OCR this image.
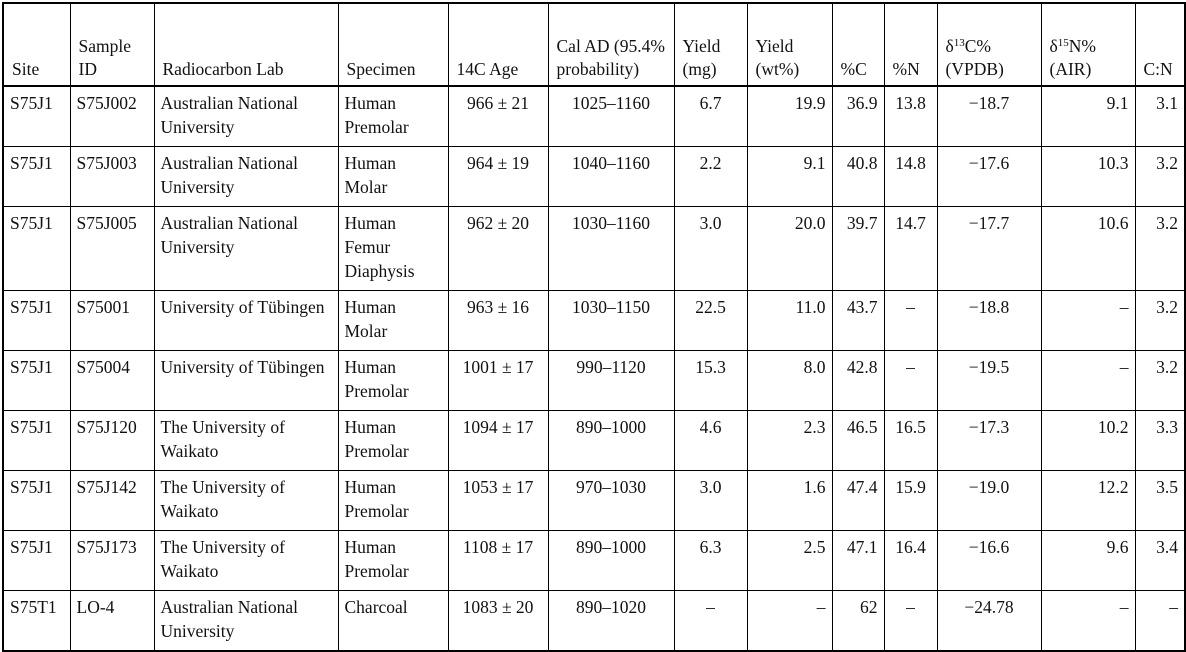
Site	Sample ID	Radiocarbon Lab	Specimen	14C Age	Cal AD (95.4% probability)	Yield (mg)	Yield (wt%)	%C	%N	$\delta^{13}C\%$ (VPDB)	$\delta^{15}N\%$ (AIR)	C:N
S75J1	S75J002	Australian National University	Human Premolar	966 ± 21	1025–1160	6.7	19.9	36.9	13.8	−18.7	9.1	3.1
S75J1	S75J003	Australian National University	Human Molar	964 ± 19	1040–1160	2.2	9.1	40.8	14.8	−17.6	10.3	3.2
S75J1	S75J005	Australian National University	Human Femur Diaphysis	962 ± 20	1030–1160	3.0	20.0	39.7	14.7	−17.7	10.6	3.2
S75J1	S75001	University of Tübingen	Human Molar	963 ± 16	1030–1150	22.5	11.0	43.7	–	−18.8	–	3.2
S75J1	S75004	University of Tübingen	Human Premolar	1001 ± 17	990–1120	15.3	8.0	42.8	–	−19.5	–	3.2
S75J1	S75J120	The University of Waikato	Human Premolar	1094 ± 17	890–1000	4.6	2.3	46.5	16.5	−17.3	10.2	3.3
S75J1	S75J142	The University of Waikato	Human Premolar	1053 ± 17	970–1030	3.0	1.6	47.4	15.9	−19.0	12.2	3.5
S75J1	S75J173	The University of Waikato	Human Premolar	1108 ± 17	890–1000	6.3	2.5	47.1	16.4	−16.6	9.6	3.4
S75T1	LO-4	Australian National University	Charcoal	1083 ± 20	890–1020	–	–	62	–	−24.78	–	–
